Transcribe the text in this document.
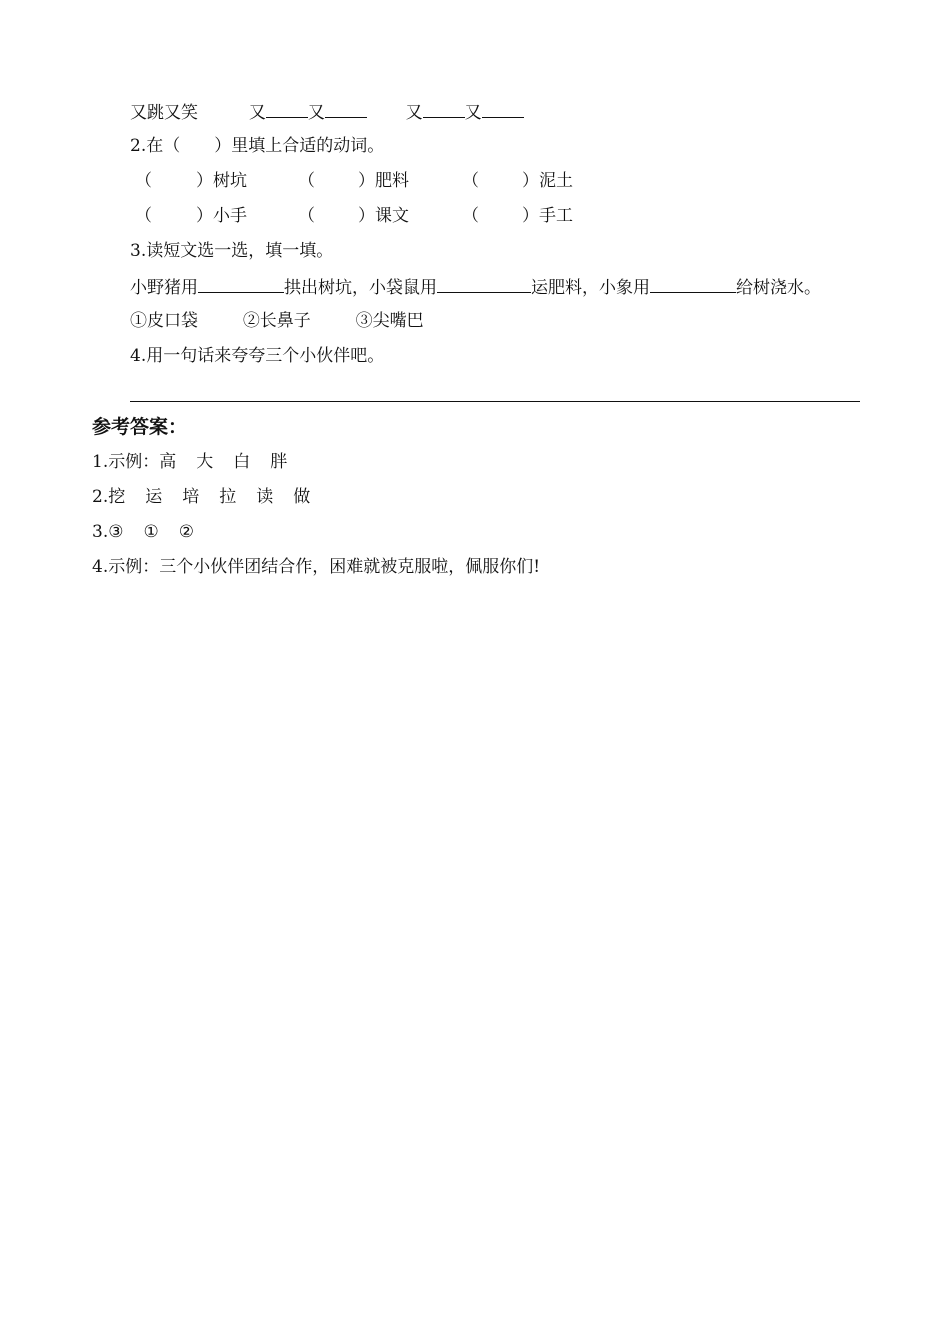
又跳又笑	又 又	又 又
2.在（　　）里填上合适的动词。
（	）树坑	（	）肥料	（	）泥土
（	）小手	（	）课文	（	）手工
3.读短文选一选，填一填。
小野猪用	拱出树坑，小袋鼠用	运肥料，小象用	给树浇水。
①皮口袋	②长鼻子	③尖嘴巴
4.用一句话来夸夸三个小伙伴吧。
参考答案：
1.示例：高 大 白 胖
2.挖 运 培 拉 读 做
3.③ ① ②
4.示例：三个小伙伴团结合作，困难就被克服啦，佩服你们!
